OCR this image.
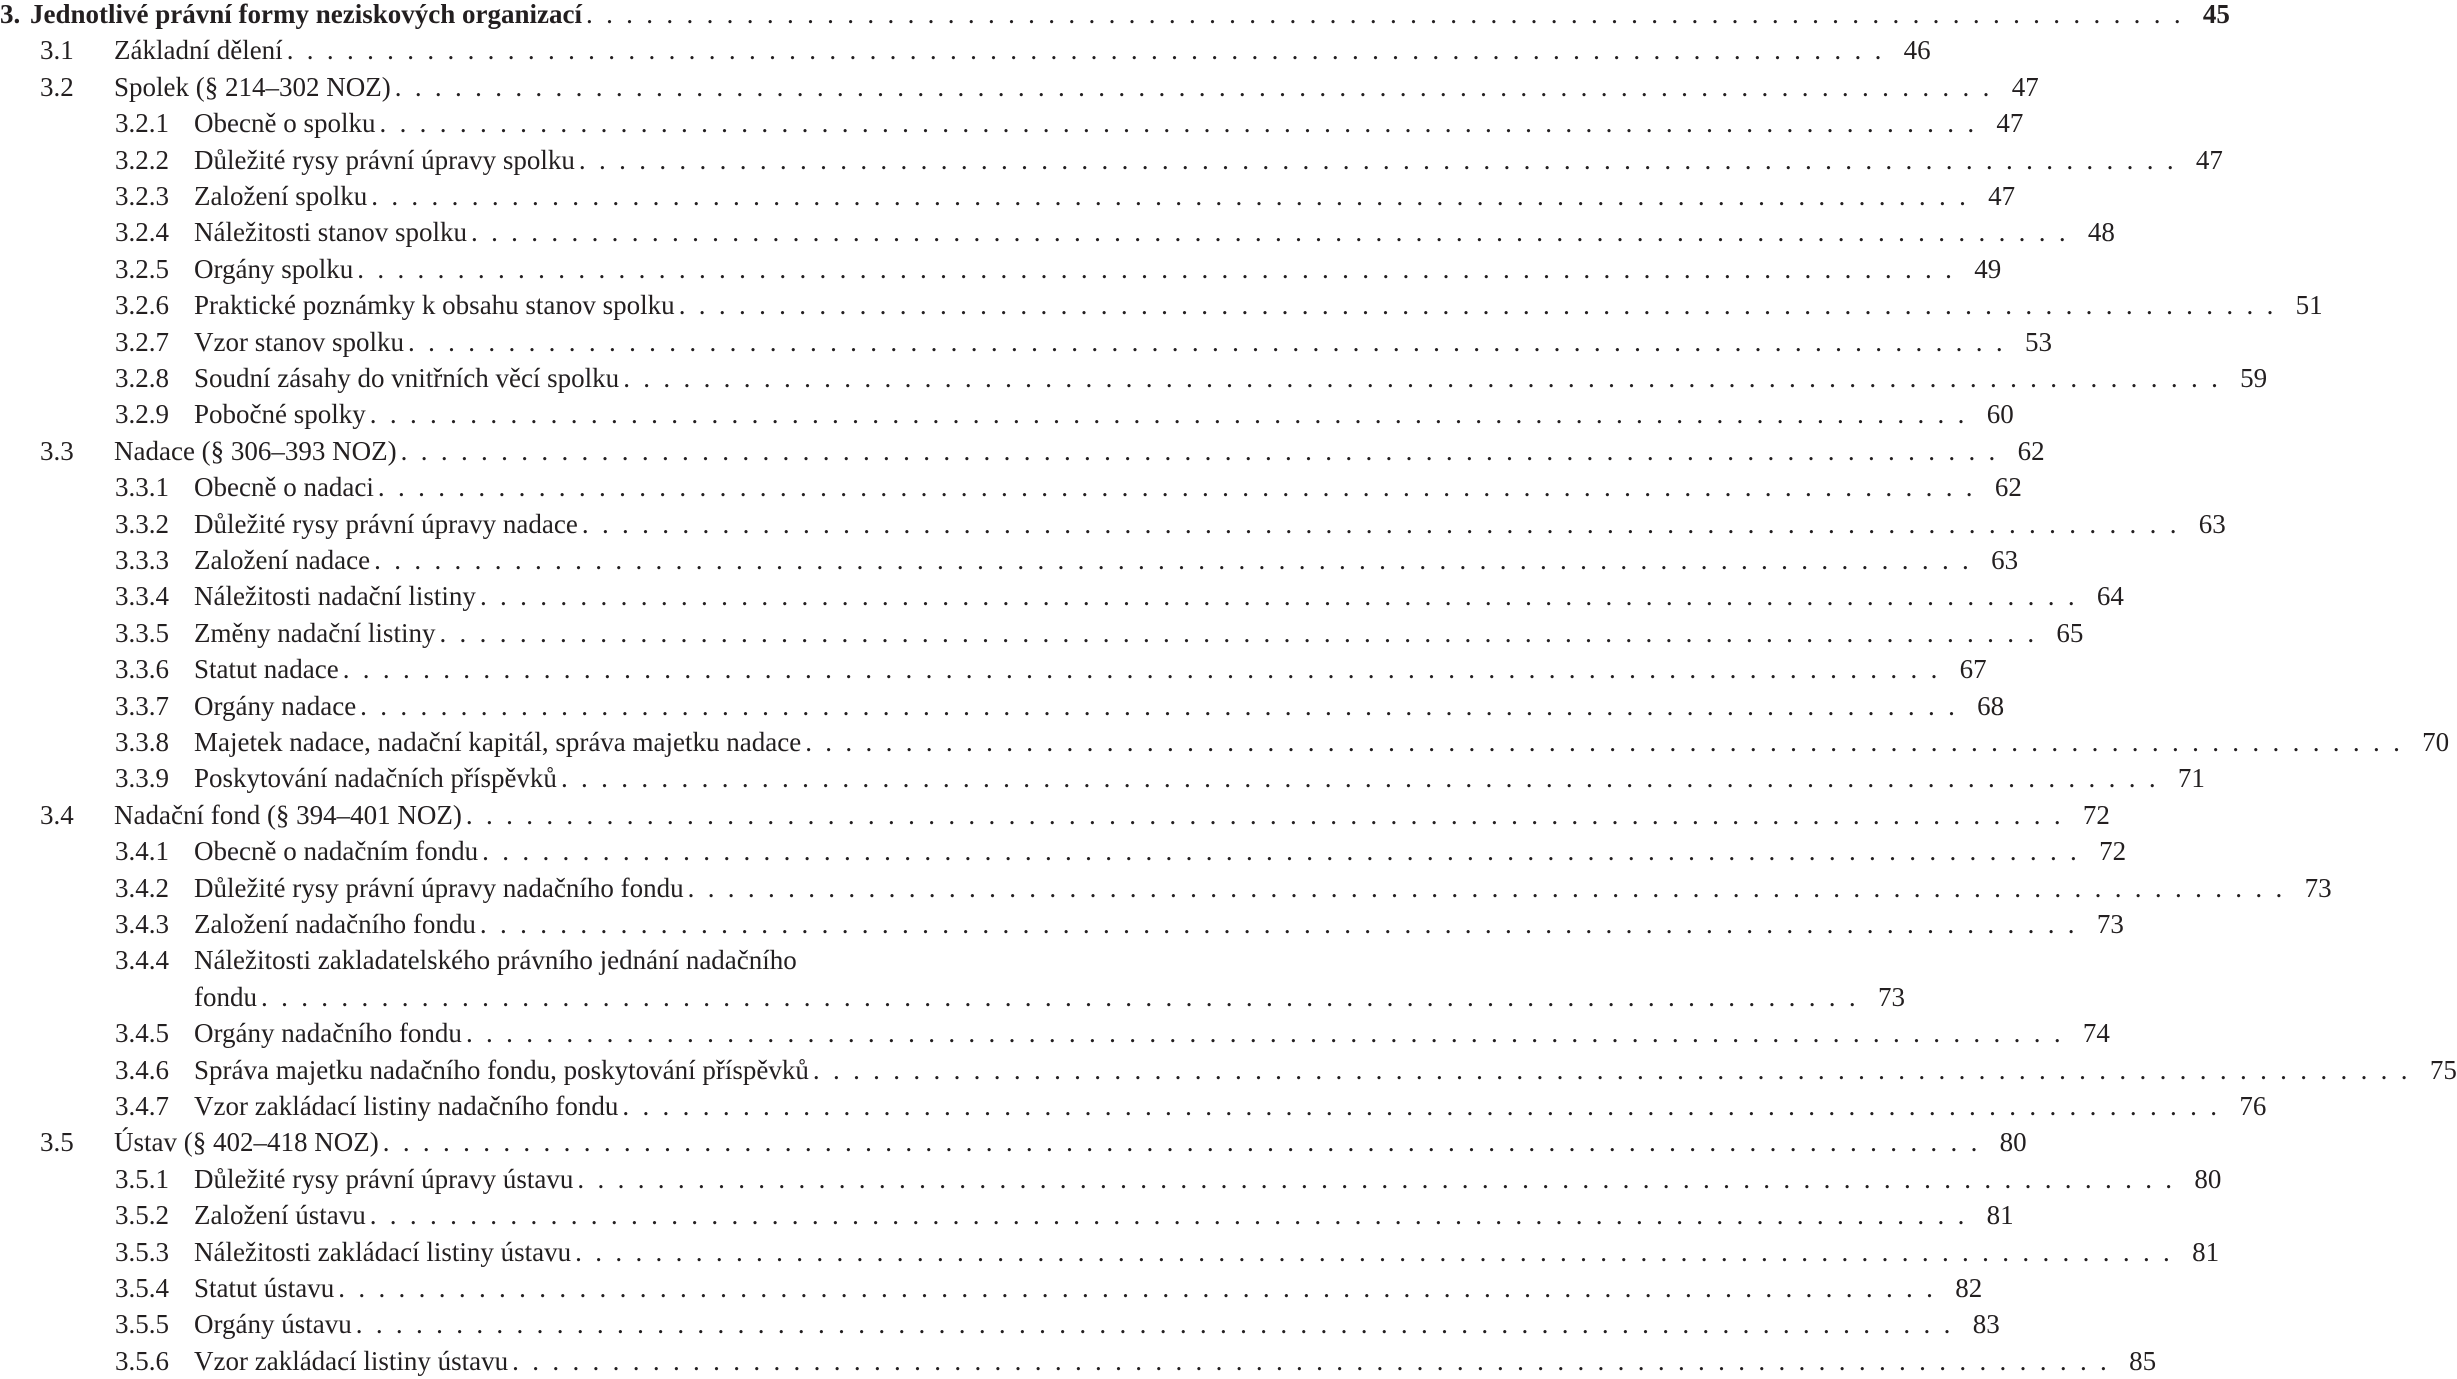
3. Jednotlivé právní formy neziskových organizací . . . . . . . . . . . . . . . . . . . . . . . . . . . . . . . . . . . . . . . . . . . . . . . . . . . . . . . . . . . . . . . . . . . . . . . . . . . . . . . . 45
3.1 Základní dělení . . . . . . . . . . . . . . . . . . . . . . . . . . . . . . . . . . . . . . . . . . . . . . . . . . . . . . . . . . . . . . . . . . . . . . . . . . . . . . . . 46
3.2 Spolek (§ 214–302 NOZ) . . . . . . . . . . . . . . . . . . . . . . . . . . . . . . . . . . . . . . . . . . . . . . . . . . . . . . . . . . . . . . . . . . . . . . . . . . . . . . . . 47
3.2.1 Obecně o spolku . . . . . . . . . . . . . . . . . . . . . . . . . . . . . . . . . . . . . . . . . . . . . . . . . . . . . . . . . . . . . . . . . . . . . . . . . . . . . . . . 47
3.2.2 Důležité rysy právní úpravy spolku . . . . . . . . . . . . . . . . . . . . . . . . . . . . . . . . . . . . . . . . . . . . . . . . . . . . . . . . . . . . . . . . . . . . . . . . . . . . . . . . 47
3.2.3 Založení spolku . . . . . . . . . . . . . . . . . . . . . . . . . . . . . . . . . . . . . . . . . . . . . . . . . . . . . . . . . . . . . . . . . . . . . . . . . . . . . . . . 47
3.2.4 Náležitosti stanov spolku . . . . . . . . . . . . . . . . . . . . . . . . . . . . . . . . . . . . . . . . . . . . . . . . . . . . . . . . . . . . . . . . . . . . . . . . . . . . . . . . 48
3.2.5 Orgány spolku . . . . . . . . . . . . . . . . . . . . . . . . . . . . . . . . . . . . . . . . . . . . . . . . . . . . . . . . . . . . . . . . . . . . . . . . . . . . . . . . 49
3.2.6 Praktické poznámky k obsahu stanov spolku . . . . . . . . . . . . . . . . . . . . . . . . . . . . . . . . . . . . . . . . . . . . . . . . . . . . . . . . . . . . . . . . . . . . . . . . . . . . . . . . 51
3.2.7 Vzor stanov spolku . . . . . . . . . . . . . . . . . . . . . . . . . . . . . . . . . . . . . . . . . . . . . . . . . . . . . . . . . . . . . . . . . . . . . . . . . . . . . . . . 53
3.2.8 Soudní zásahy do vnitřních věcí spolku . . . . . . . . . . . . . . . . . . . . . . . . . . . . . . . . . . . . . . . . . . . . . . . . . . . . . . . . . . . . . . . . . . . . . . . . . . . . . . . . 59
3.2.9 Pobočné spolky . . . . . . . . . . . . . . . . . . . . . . . . . . . . . . . . . . . . . . . . . . . . . . . . . . . . . . . . . . . . . . . . . . . . . . . . . . . . . . . . 60
3.3 Nadace (§ 306–393 NOZ) . . . . . . . . . . . . . . . . . . . . . . . . . . . . . . . . . . . . . . . . . . . . . . . . . . . . . . . . . . . . . . . . . . . . . . . . . . . . . . . . 62
3.3.1 Obecně o nadaci . . . . . . . . . . . . . . . . . . . . . . . . . . . . . . . . . . . . . . . . . . . . . . . . . . . . . . . . . . . . . . . . . . . . . . . . . . . . . . . . 62
3.3.2 Důležité rysy právní úpravy nadace . . . . . . . . . . . . . . . . . . . . . . . . . . . . . . . . . . . . . . . . . . . . . . . . . . . . . . . . . . . . . . . . . . . . . . . . . . . . . . . . 63
3.3.3 Založení nadace . . . . . . . . . . . . . . . . . . . . . . . . . . . . . . . . . . . . . . . . . . . . . . . . . . . . . . . . . . . . . . . . . . . . . . . . . . . . . . . . 63
3.3.4 Náležitosti nadační listiny . . . . . . . . . . . . . . . . . . . . . . . . . . . . . . . . . . . . . . . . . . . . . . . . . . . . . . . . . . . . . . . . . . . . . . . . . . . . . . . . 64
3.3.5 Změny nadační listiny . . . . . . . . . . . . . . . . . . . . . . . . . . . . . . . . . . . . . . . . . . . . . . . . . . . . . . . . . . . . . . . . . . . . . . . . . . . . . . . . 65
3.3.6 Statut nadace . . . . . . . . . . . . . . . . . . . . . . . . . . . . . . . . . . . . . . . . . . . . . . . . . . . . . . . . . . . . . . . . . . . . . . . . . . . . . . . . 67
3.3.7 Orgány nadace . . . . . . . . . . . . . . . . . . . . . . . . . . . . . . . . . . . . . . . . . . . . . . . . . . . . . . . . . . . . . . . . . . . . . . . . . . . . . . . . 68
3.3.8 Majetek nadace, nadační kapitál, správa majetku nadace . . . . . . . . . . . . . . . . . . . . . . . . . . . . . . . . . . . . . . . . . . . . . . . . . . . . . . . . . . . . . . . . . . . . . . . . . . . . . . . . 70
3.3.9 Poskytování nadačních příspěvků . . . . . . . . . . . . . . . . . . . . . . . . . . . . . . . . . . . . . . . . . . . . . . . . . . . . . . . . . . . . . . . . . . . . . . . . . . . . . . . . 71
3.4 Nadační fond (§ 394–401 NOZ) . . . . . . . . . . . . . . . . . . . . . . . . . . . . . . . . . . . . . . . . . . . . . . . . . . . . . . . . . . . . . . . . . . . . . . . . . . . . . . . . 72
3.4.1 Obecně o nadačním fondu . . . . . . . . . . . . . . . . . . . . . . . . . . . . . . . . . . . . . . . . . . . . . . . . . . . . . . . . . . . . . . . . . . . . . . . . . . . . . . . . 72
3.4.2 Důležité rysy právní úpravy nadačního fondu . . . . . . . . . . . . . . . . . . . . . . . . . . . . . . . . . . . . . . . . . . . . . . . . . . . . . . . . . . . . . . . . . . . . . . . . . . . . . . . . 73
3.4.3 Založení nadačního fondu . . . . . . . . . . . . . . . . . . . . . . . . . . . . . . . . . . . . . . . . . . . . . . . . . . . . . . . . . . . . . . . . . . . . . . . . . . . . . . . . 73
3.4.4 Náležitosti zakladatelského právního jednání nadačního
fondu . . . . . . . . . . . . . . . . . . . . . . . . . . . . . . . . . . . . . . . . . . . . . . . . . . . . . . . . . . . . . . . . . . . . . . . . . . . . . . . . 73
3.4.5 Orgány nadačního fondu . . . . . . . . . . . . . . . . . . . . . . . . . . . . . . . . . . . . . . . . . . . . . . . . . . . . . . . . . . . . . . . . . . . . . . . . . . . . . . . . 74
3.4.6 Správa majetku nadačního fondu, poskytování příspěvků . . . . . . . . . . . . . . . . . . . . . . . . . . . . . . . . . . . . . . . . . . . . . . . . . . . . . . . . . . . . . . . . . . . . . . . . . . . . . . . . 75
3.4.7 Vzor zakládací listiny nadačního fondu . . . . . . . . . . . . . . . . . . . . . . . . . . . . . . . . . . . . . . . . . . . . . . . . . . . . . . . . . . . . . . . . . . . . . . . . . . . . . . . . 76
3.5 Ústav (§ 402–418 NOZ) . . . . . . . . . . . . . . . . . . . . . . . . . . . . . . . . . . . . . . . . . . . . . . . . . . . . . . . . . . . . . . . . . . . . . . . . . . . . . . . . 80
3.5.1 Důležité rysy právní úpravy ústavu . . . . . . . . . . . . . . . . . . . . . . . . . . . . . . . . . . . . . . . . . . . . . . . . . . . . . . . . . . . . . . . . . . . . . . . . . . . . . . . . 80
3.5.2 Založení ústavu . . . . . . . . . . . . . . . . . . . . . . . . . . . . . . . . . . . . . . . . . . . . . . . . . . . . . . . . . . . . . . . . . . . . . . . . . . . . . . . . 81
3.5.3 Náležitosti zakládací listiny ústavu . . . . . . . . . . . . . . . . . . . . . . . . . . . . . . . . . . . . . . . . . . . . . . . . . . . . . . . . . . . . . . . . . . . . . . . . . . . . . . . . 81
3.5.4 Statut ústavu . . . . . . . . . . . . . . . . . . . . . . . . . . . . . . . . . . . . . . . . . . . . . . . . . . . . . . . . . . . . . . . . . . . . . . . . . . . . . . . . 82
3.5.5 Orgány ústavu . . . . . . . . . . . . . . . . . . . . . . . . . . . . . . . . . . . . . . . . . . . . . . . . . . . . . . . . . . . . . . . . . . . . . . . . . . . . . . . . 83
3.5.6 Vzor zakládací listiny ústavu . . . . . . . . . . . . . . . . . . . . . . . . . . . . . . . . . . . . . . . . . . . . . . . . . . . . . . . . . . . . . . . . . . . . . . . . . . . . . . . . 85
